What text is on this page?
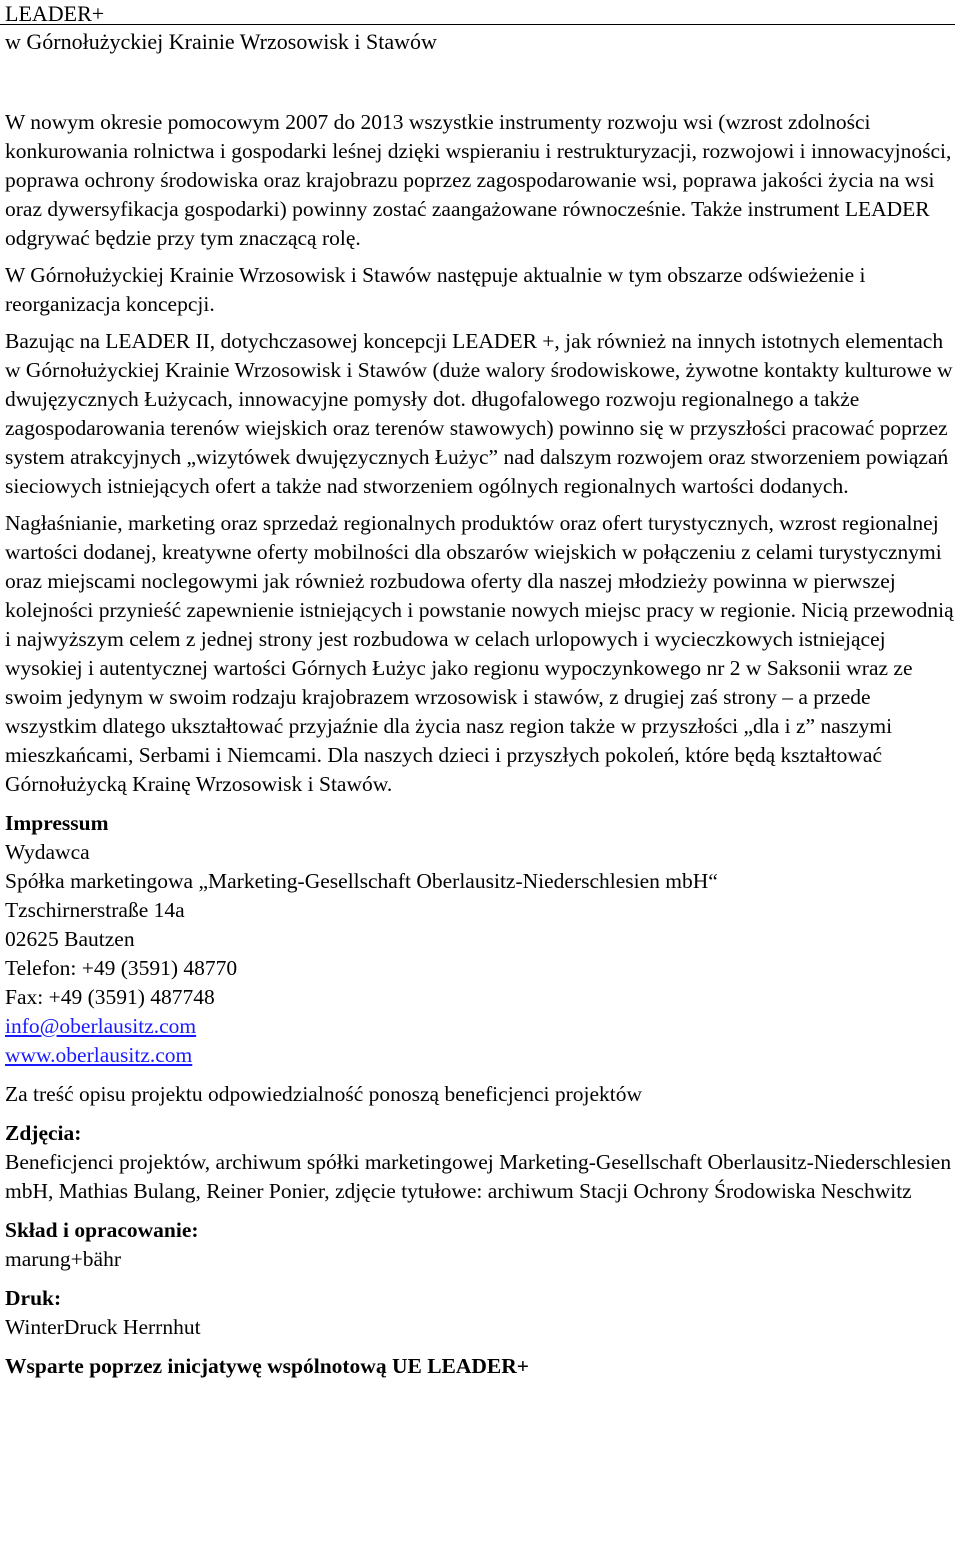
LEADER+
w Górnołużyckiej Krainie Wrzosowisk i Stawów

W nowym okresie pomocowym 2007 do 2013 wszystkie instrumenty rozwoju wsi (wzrost zdolności konkurowania rolnictwa i gospodarki leśnej dzięki wspieraniu i restrukturyzacji, rozwojowi i innowacyjności, poprawa ochrony środowiska oraz krajobrazu poprzez zagospodarowanie wsi, poprawa jakości życia na wsi oraz dywersyfikacja gospodarki) powinny zostać zaangażowane równocześnie. Także instrument LEADER odgrywać będzie przy tym znaczącą rolę.

W Górnołużyckiej Krainie Wrzosowisk i Stawów następuje aktualnie w tym obszarze odświeżenie i reorganizacja koncepcji.

Bazując na LEADER II, dotychczasowej koncepcji LEADER +, jak również na innych istotnych elementach w Górnołużyckiej Krainie Wrzosowisk i Stawów (duże walory środowiskowe, żywotne kontakty kulturowe w dwujęzycznych Łużycach, innowacyjne pomysły dot. długofalowego rozwoju regionalnego a także zagospodarowania terenów wiejskich oraz terenów stawowych) powinno się w przyszłości pracować poprzez system atrakcyjnych „wizytówek dwujęzycznych Łużyc” nad dalszym rozwojem oraz stworzeniem powiązań sieciowych istniejących ofert a także nad stworzeniem ogólnych regionalnych wartości dodanych.

Nagłaśnianie, marketing oraz sprzedaż regionalnych produktów oraz ofert turystycznych, wzrost regionalnej wartości dodanej, kreatywne oferty mobilności dla obszarów wiejskich w połączeniu z celami turystycznymi oraz miejscami noclegowymi jak również rozbudowa oferty dla naszej młodzieży powinna w pierwszej kolejności przynieść zapewnienie istniejących i powstanie nowych miejsc pracy w regionie. Nicią przewodnią i najwyższym celem z jednej strony jest rozbudowa w celach urlopowych i wycieczkowych istniejącej wysokiej i autentycznej wartości Górnych Łużyc jako regionu wypoczynkowego nr 2 w Saksonii wraz ze swoim jedynym w swoim rodzaju krajobrazem wrzosowisk i stawów, z drugiej zaś strony – a przede wszystkim dlatego ukształtować przyjaźnie dla życia nasz region także w przyszłości „dla i z” naszymi mieszkańcami, Serbami i Niemcami. Dla naszych dzieci i przyszłych pokoleń, które będą kształtować Górnołużycką Krainę Wrzosowisk i Stawów.

Impressum
Wydawca
Spółka marketingowa „Marketing-Gesellschaft Oberlausitz-Niederschlesien mbH“
Tzschirnerstraße 14a
02625 Bautzen
Telefon: +49 (3591) 48770
Fax: +49 (3591) 487748
info@oberlausitz.com
www.oberlausitz.com
Za treść opisu projektu odpowiedzialność ponoszą beneficjenci projektów
Zdjęcia:
Beneficjenci projektów, archiwum spółki marketingowej Marketing-Gesellschaft Oberlausitz-Niederschlesien mbH, Mathias Bulang, Reiner Ponier, zdjęcie tytułowe: archiwum Stacji Ochrony Środowiska Neschwitz
Skład i opracowanie:
marung+bähr
Druk:
WinterDruck Herrnhut
Wsparte poprzez inicjatywę wspólnotową UE LEADER+
